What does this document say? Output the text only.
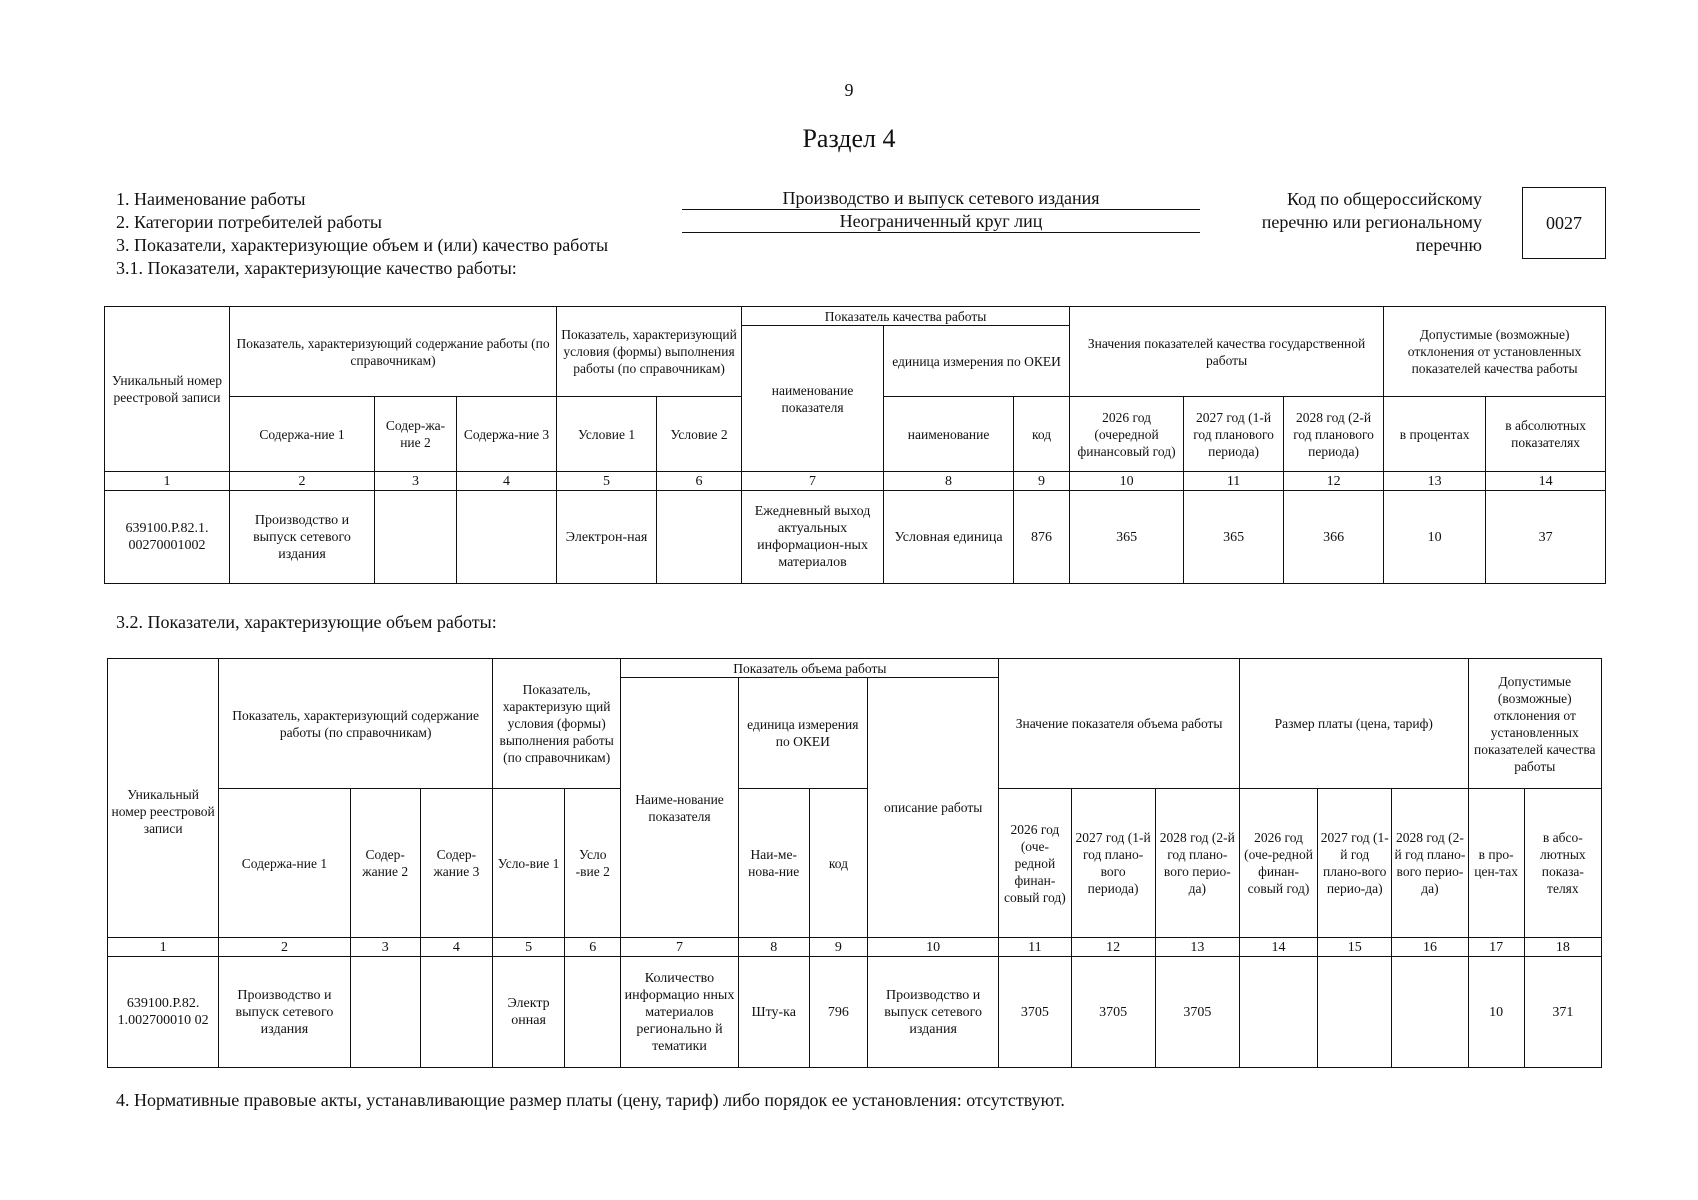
9
Раздел 4
1. Наименование работы	Производство и выпуск сетевого издания
2. Категории потребителей работы	Неограниченный круг лиц
3. Показатели, характеризующие объем и (или) качество работы
3.1. Показатели, характеризующие качество работы:
Код по общероссийскому
перечню или региональному
перечню
0027
Уникальный номер реестровой записи	Показатель, характеризующий содержание работы (по справочникам)			Показатель, характеризующий условия (формы) выполнения работы (по справочникам)		Показатель качества работы			Значения показателей качества государственной работы			Допустимые (возможные) отклонения от установленных показателей качества работы	
						наименование показателя	единица измерения по ОКЕИ						
	Содержа-ние 1	Содер-жа-ние 2	Содержа-ние 3	Условие 1	Условие 2		наименование	код	2026 год (очередной финансовый год)	2027 год (1-й год планового периода)	2028 год (2-й год планового периода)	в процентах	в абсолютных показателях
1	2	3	4	5	6	7	8	9	10	11	12	13	14
639100.Р.82.1. 00270001002	Производство и выпуск сетевого издания			Электрон-ная		Ежедневный выход актуальных информацион-ных материалов	Условная единица	876	365	365	366	10	37
3.2. Показатели, характеризующие объем работы:
Уникальный номер реестровой записи	Показатель, характеризующий содержание работы (по справочникам)			Показатель, характеризую щий условия (формы) выполнения работы (по справочникам)		Показатель объема работы				Значение показателя объема работы			Размер платы (цена, тариф)			Допустимые (возможные) отклонения от установленных показателей качества работы	
						Наиме-нование показателя	единица измерения по ОКЕИ		описание работы								
	Содержа-ние 1	Содер-жание 2	Содер-жание 3	Усло-вие 1	Усло -вие 2		Наи-ме-нова-ние	код		2026 год (оче-редной финан-совый год)	2027 год (1-й год плано-вого периода)	2028 год (2-й год плано-вого перио-да)	2026 год (оче-редной финан-совый год)	2027 год (1-й год плано-вого перио-да)	2028 год (2-й год плано-вого перио-да)	в про-цен-тах	в абсо-лютных показа-телях
1	2	3	4	5	6	7	8	9	10	11	12	13	14	15	16	17	18
639100.Р.82. 1.002700010 02	Производство и выпуск сетевого издания			Электр онная		Количество информацио нных материалов регионально й тематики	Шту-ка	796	Производство и выпуск сетевого издания	3705	3705	3705				10	371
4. Нормативные правовые акты, устанавливающие размер платы (цену, тариф) либо порядок ее установления: отсутствуют.
